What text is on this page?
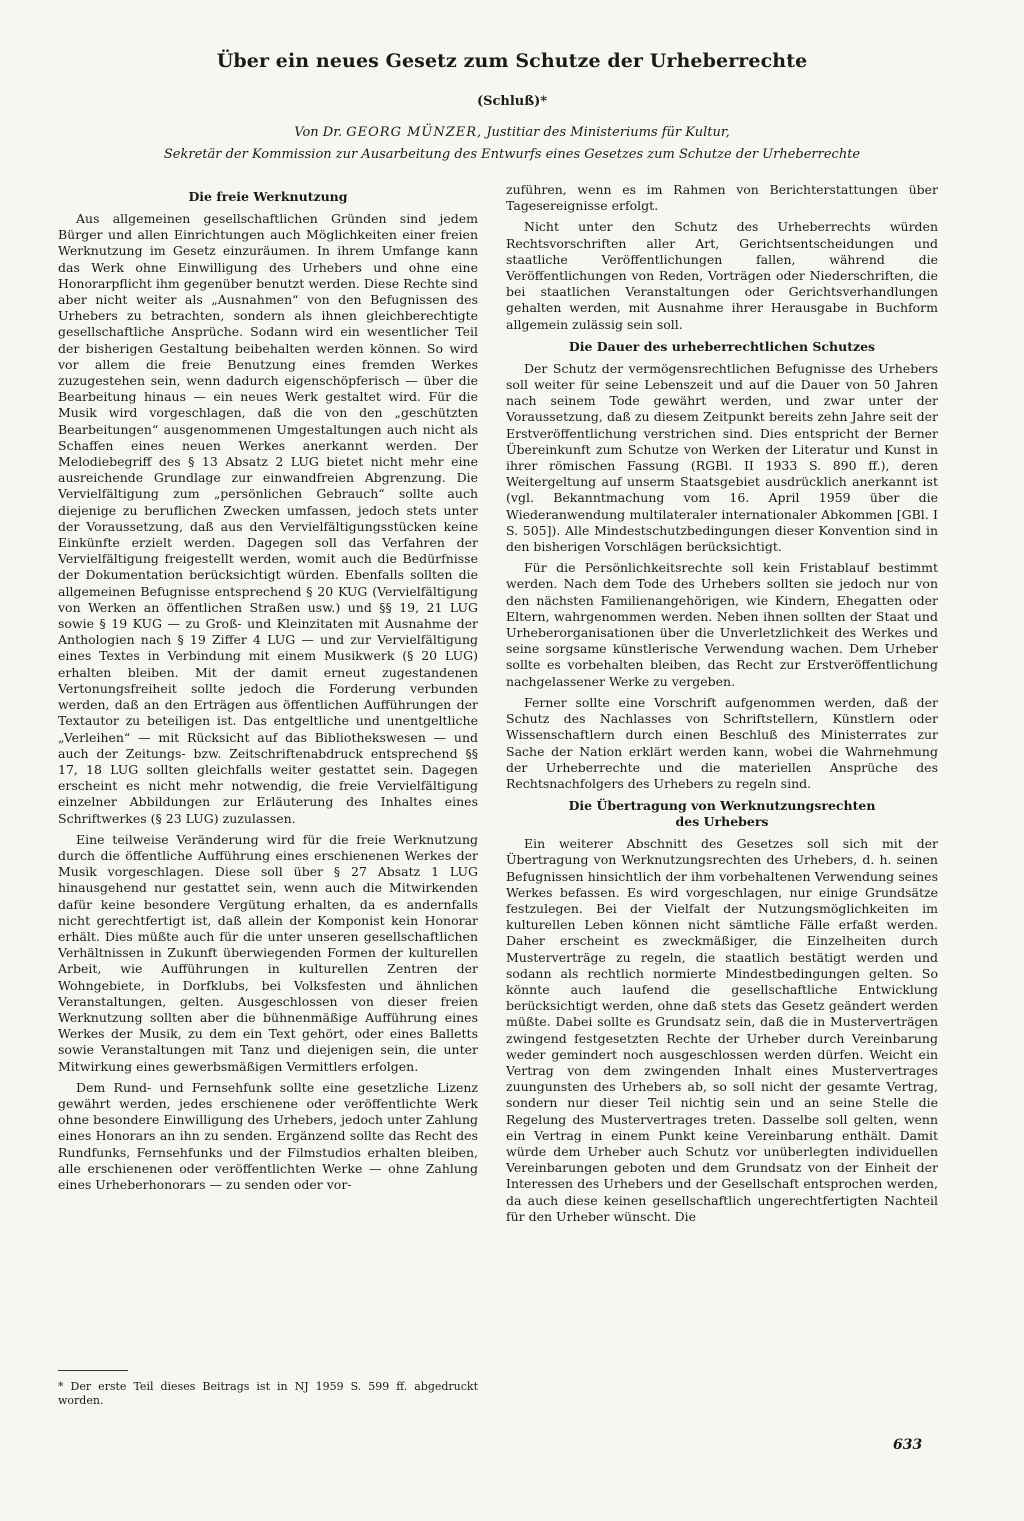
Über ein neues Gesetz zum Schutze der Urheberrechte
(Schluß)*
Von Dr. GEORG MÜNZER, Justitiar des Ministeriums für Kultur,
Sekretär der Kommission zur Ausarbeitung des Entwurfs eines Gesetzes zum Schutze der Urheberrechte
Die freie Werknutzung

Aus allgemeinen gesellschaftlichen Gründen sind jedem Bürger und allen Einrichtungen auch Möglichkeiten einer freien Werknutzung im Gesetz einzuräumen. In ihrem Umfange kann das Werk ohne Einwilligung des Urhebers und ohne eine Honorarpflicht ihm gegenüber benutzt werden. Diese Rechte sind aber nicht weiter als „Ausnahmen“ von den Befugnissen des Urhebers zu betrachten, sondern als ihnen gleichberechtigte gesellschaftliche Ansprüche. Sodann wird ein wesentlicher Teil der bisherigen Gestaltung beibehalten werden können. So wird vor allem die freie Benutzung eines fremden Werkes zuzugestehen sein, wenn dadurch eigenschöpferisch — über die Bearbeitung hinaus — ein neues Werk gestaltet wird. Für die Musik wird vorgeschlagen, daß die von den „geschützten Bearbeitungen“ ausgenommenen Umgestaltungen auch nicht als Schaffen eines neuen Werkes anerkannt werden. Der Melodiebegriff des § 13 Absatz 2 LUG bietet nicht mehr eine ausreichende Grundlage zur einwandfreien Abgrenzung. Die Vervielfältigung zum „persönlichen Gebrauch“ sollte auch diejenige zu beruflichen Zwecken umfassen, jedoch stets unter der Voraussetzung, daß aus den Vervielfältigungsstücken keine Einkünfte erzielt werden. Dagegen soll das Verfahren der Vervielfältigung freigestellt werden, womit auch die Bedürfnisse der Dokumentation berücksichtigt würden. Ebenfalls sollten die allgemeinen Befugnisse entsprechend § 20 KUG (Vervielfältigung von Werken an öffentlichen Straßen usw.) und §§ 19, 21 LUG sowie § 19 KUG — zu Groß- und Kleinzitaten mit Ausnahme der Anthologien nach § 19 Ziffer 4 LUG — und zur Vervielfältigung eines Textes in Verbindung mit einem Musikwerk (§ 20 LUG) erhalten bleiben. Mit der damit erneut zugestandenen Vertonungsfreiheit sollte jedoch die Forderung verbunden werden, daß an den Erträgen aus öffentlichen Aufführungen der Textautor zu beteiligen ist. Das entgeltliche und unentgeltliche „Verleihen“ — mit Rücksicht auf das Bibliothekswesen — und auch der Zeitungs- bzw. Zeitschriftenabdruck entsprechend §§ 17, 18 LUG sollten gleichfalls weiter gestattet sein. Dagegen erscheint es nicht mehr notwendig, die freie Vervielfältigung einzelner Abbildungen zur Erläuterung des Inhaltes eines Schriftwerkes (§ 23 LUG) zuzulassen.

Eine teilweise Veränderung wird für die freie Werknutzung durch die öffentliche Aufführung eines erschienenen Werkes der Musik vorgeschlagen. Diese soll über § 27 Absatz 1 LUG hinausgehend nur gestattet sein, wenn auch die Mitwirkenden dafür keine besondere Vergütung erhalten, da es andernfalls nicht gerechtfertigt ist, daß allein der Komponist kein Honorar erhält. Dies müßte auch für die unter unseren gesellschaftlichen Verhältnissen in Zukunft überwiegenden Formen der kulturellen Arbeit, wie Aufführungen in kulturellen Zentren der Wohngebiete, in Dorfklubs, bei Volksfesten und ähnlichen Veranstaltungen, gelten. Ausgeschlossen von dieser freien Werknutzung sollten aber die bühnenmäßige Aufführung eines Werkes der Musik, zu dem ein Text gehört, oder eines Balletts sowie Veranstaltungen mit Tanz und diejenigen sein, die unter Mitwirkung eines gewerbsmäßigen Vermittlers erfolgen.

Dem Rund- und Fernsehfunk sollte eine gesetzliche Lizenz gewährt werden, jedes erschienene oder veröffentlichte Werk ohne besondere Einwilligung des Urhebers, jedoch unter Zahlung eines Honorars an ihn zu senden. Ergänzend sollte das Recht des Rundfunks, Fernsehfunks und der Filmstudios erhalten bleiben, alle erschienenen oder veröffentlichten Werke — ohne Zahlung eines Urheberhonorars — zu senden oder vor-

* Der erste Teil dieses Beitrags ist in NJ 1959 S. 599 ff. abgedruckt worden.

zuführen, wenn es im Rahmen von Berichterstattungen über Tagesereignisse erfolgt.

Nicht unter den Schutz des Urheberrechts würden Rechtsvorschriften aller Art, Gerichtsentscheidungen und staatliche Veröffentlichungen fallen, während die Veröffentlichungen von Reden, Vorträgen oder Niederschriften, die bei staatlichen Veranstaltungen oder Gerichtsverhandlungen gehalten werden, mit Ausnahme ihrer Herausgabe in Buchform allgemein zulässig sein soll.

Die Dauer des urheberrechtlichen Schutzes

Der Schutz der vermögensrechtlichen Befugnisse des Urhebers soll weiter für seine Lebenszeit und auf die Dauer von 50 Jahren nach seinem Tode gewährt werden, und zwar unter der Voraussetzung, daß zu diesem Zeitpunkt bereits zehn Jahre seit der Erstveröffentlichung verstrichen sind. Dies entspricht der Berner Übereinkunft zum Schutze von Werken der Literatur und Kunst in ihrer römischen Fassung (RGBl. II 1933 S. 890 ff.), deren Weitergeltung auf unserm Staatsgebiet ausdrücklich anerkannt ist (vgl. Bekanntmachung vom 16. April 1959 über die Wiederanwendung multilateraler internationaler Abkommen [GBl. I S. 505]). Alle Mindestschutzbedingungen dieser Konvention sind in den bisherigen Vorschlägen berücksichtigt.

Für die Persönlichkeitsrechte soll kein Fristablauf bestimmt werden. Nach dem Tode des Urhebers sollten sie jedoch nur von den nächsten Familienangehörigen, wie Kindern, Ehegatten oder Eltern, wahrgenommen werden. Neben ihnen sollten der Staat und Urheberorganisationen über die Unverletzlichkeit des Werkes und seine sorgsame künstlerische Verwendung wachen. Dem Urheber sollte es vorbehalten bleiben, das Recht zur Erstveröffentlichung nachgelassener Werke zu vergeben.

Ferner sollte eine Vorschrift aufgenommen werden, daß der Schutz des Nachlasses von Schriftstellern, Künstlern oder Wissenschaftlern durch einen Beschluß des Ministerrates zur Sache der Nation erklärt werden kann, wobei die Wahrnehmung der Urheberrechte und die materiellen Ansprüche des Rechtsnachfolgers des Urhebers zu regeln sind.

Die Übertragung von Werknutzungsrechten
des Urhebers

Ein weiterer Abschnitt des Gesetzes soll sich mit der Übertragung von Werknutzungsrechten des Urhebers, d. h. seinen Befugnissen hinsichtlich der ihm vorbehaltenen Verwendung seines Werkes befassen. Es wird vorgeschlagen, nur einige Grundsätze festzulegen. Bei der Vielfalt der Nutzungsmöglichkeiten im kulturellen Leben können nicht sämtliche Fälle erfaßt werden. Daher erscheint es zweckmäßiger, die Einzelheiten durch Musterverträge zu regeln, die staatlich bestätigt werden und sodann als rechtlich normierte Mindestbedingungen gelten. So könnte auch laufend die gesellschaftliche Entwicklung berücksichtigt werden, ohne daß stets das Gesetz geändert werden müßte. Dabei sollte es Grundsatz sein, daß die in Musterverträgen zwingend festgesetzten Rechte der Urheber durch Vereinbarung weder gemindert noch ausgeschlossen werden dürfen. Weicht ein Vertrag von dem zwingenden Inhalt eines Mustervertrages zuungunsten des Urhebers ab, so soll nicht der gesamte Vertrag, sondern nur dieser Teil nichtig sein und an seine Stelle die Regelung des Mustervertrages treten. Dasselbe soll gelten, wenn ein Vertrag in einem Punkt keine Vereinbarung enthält. Damit würde dem Urheber auch Schutz vor unüberlegten individuellen Vereinbarungen geboten und dem Grundsatz von der Einheit der Interessen des Urhebers und der Gesellschaft entsprochen werden, da auch diese keinen gesellschaftlich ungerechtfertigten Nachteil für den Urheber wünscht. Die

633
